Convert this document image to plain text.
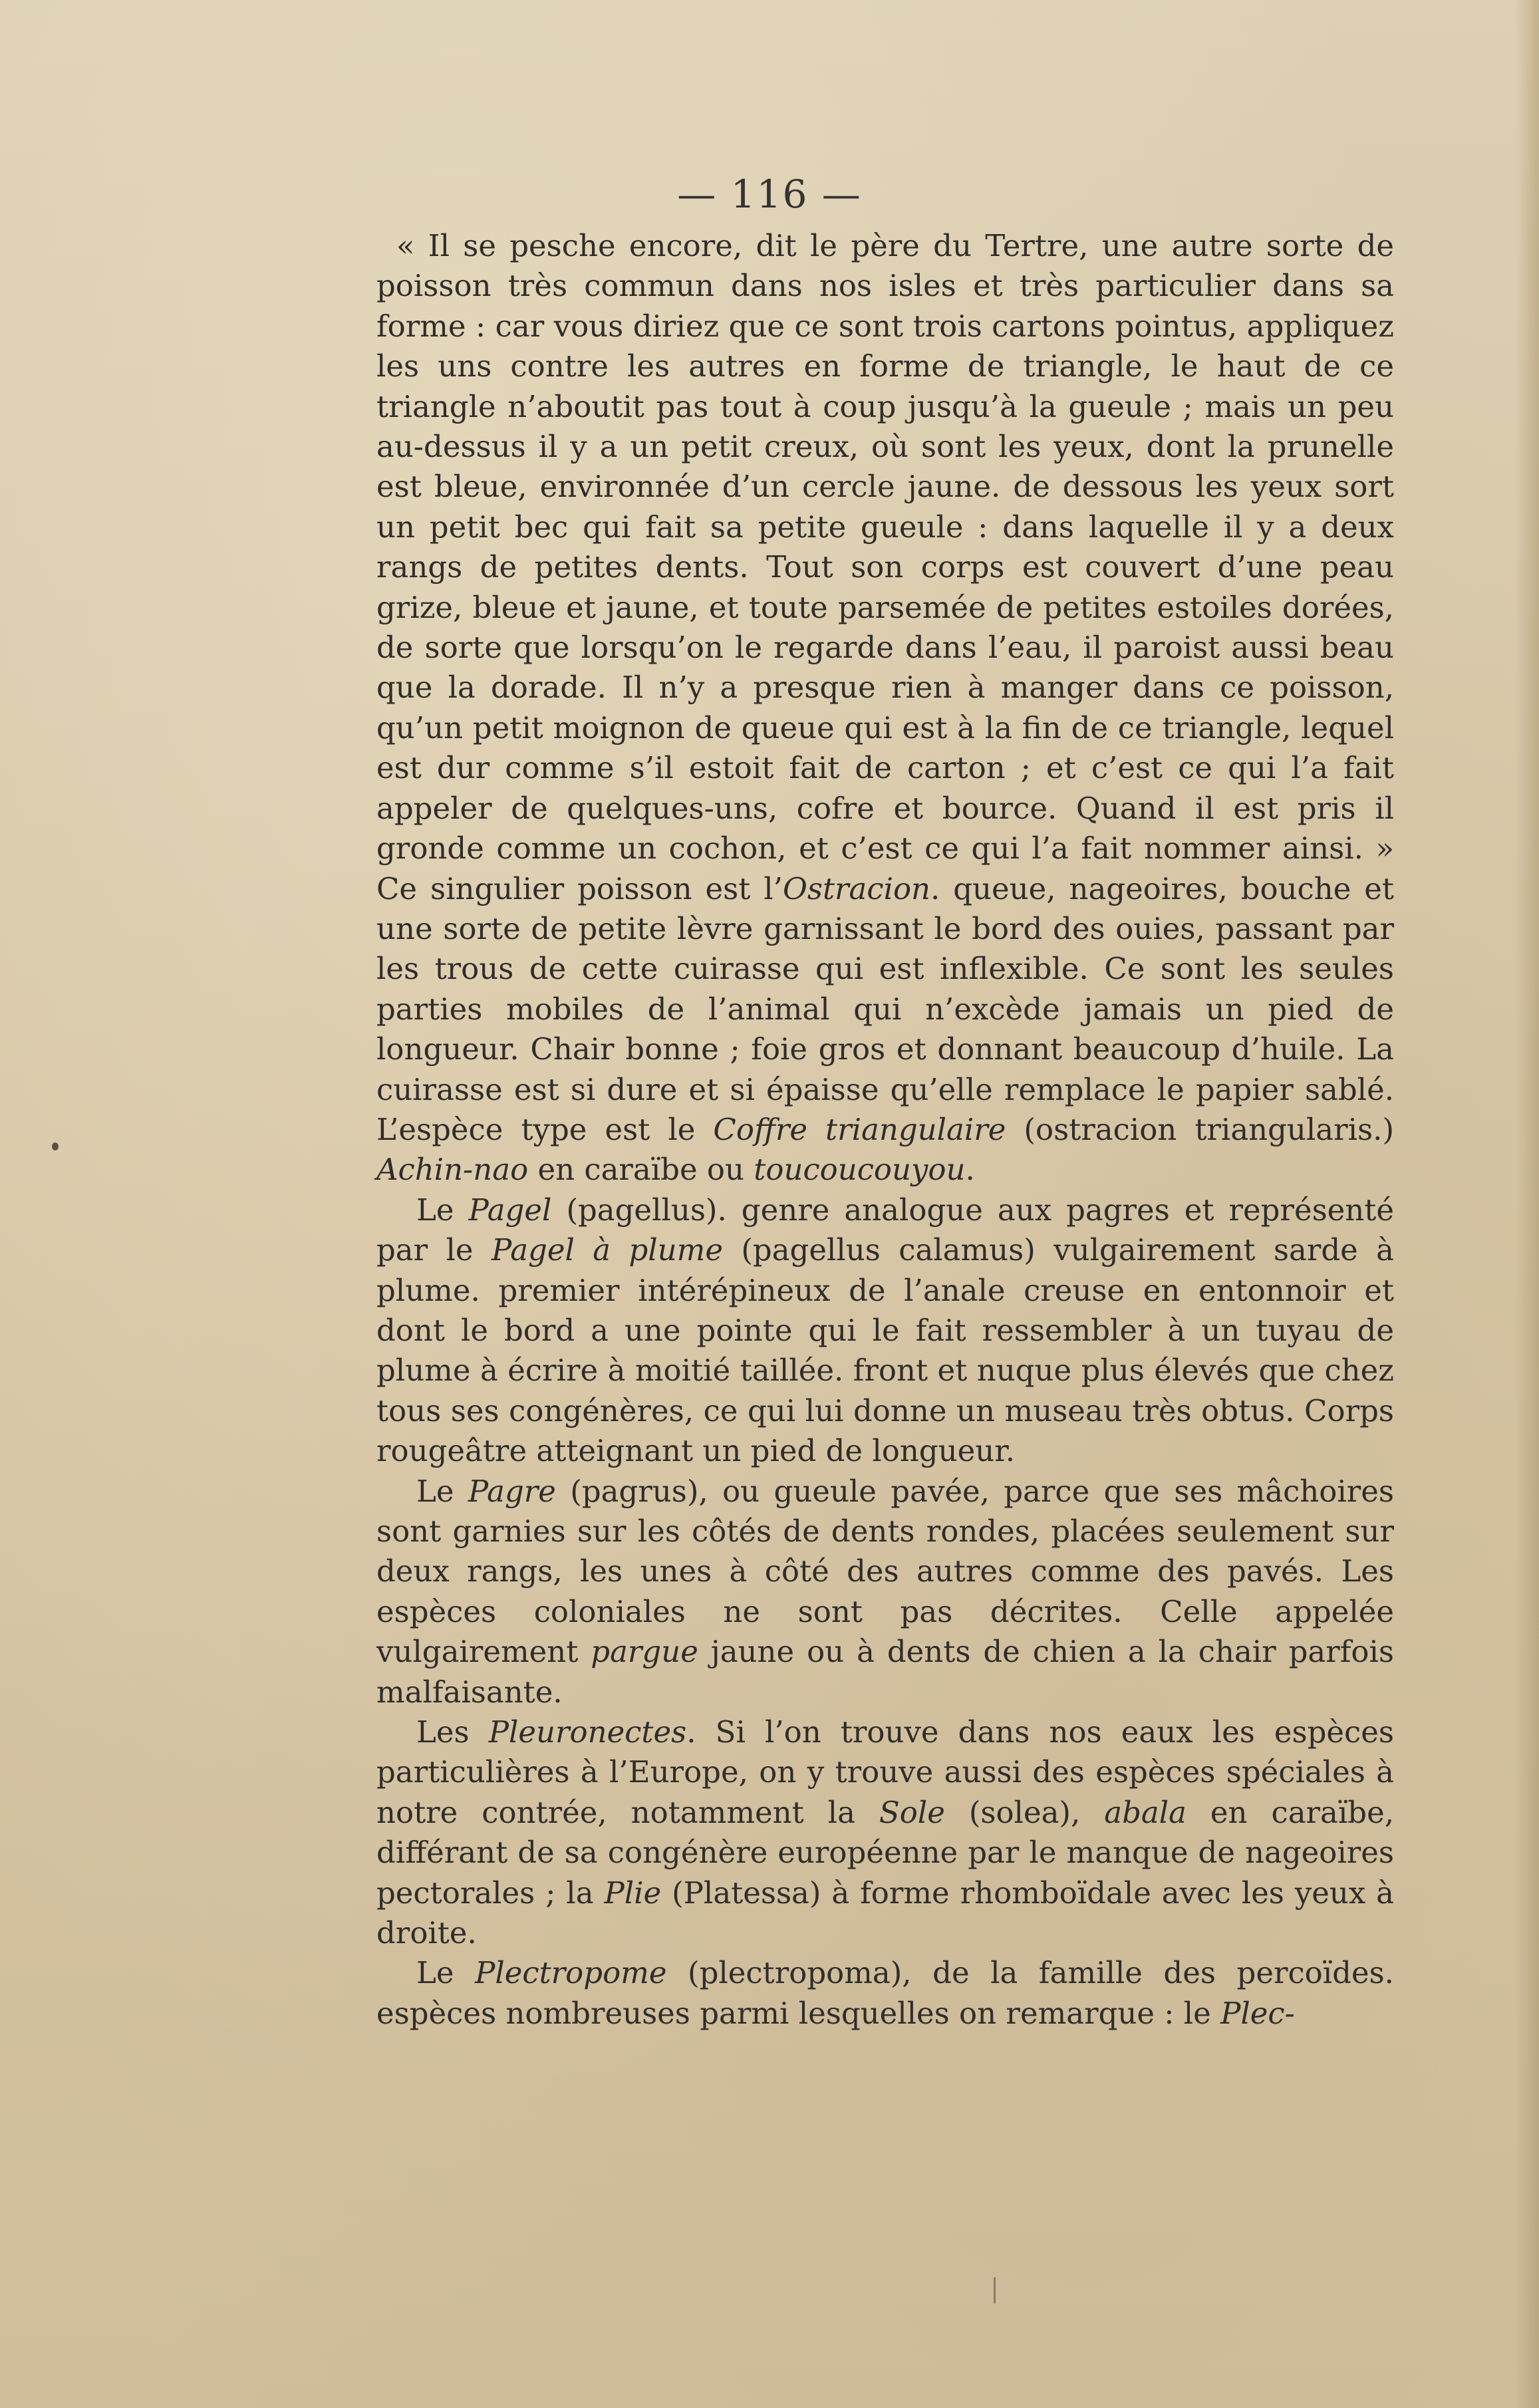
— 116 —

« Il se pesche encore, dit le père du Tertre, une autre sorte de poisson très commun dans nos isles et très particulier dans sa forme : car vous diriez que ce sont trois cartons pointus, appliquez les uns contre les autres en forme de triangle, le haut de ce triangle n’aboutit pas tout à coup jusqu’à la gueule ; mais un peu au-dessus il y a un petit creux, où sont les yeux, dont la prunelle est bleue, environnée d’un cercle jaune. de dessous les yeux sort un petit bec qui fait sa petite gueule : dans laquelle il y a deux rangs de petites dents. Tout son corps est couvert d’une peau grize, bleue et jaune, et toute parsemée de petites estoiles dorées, de sorte que lorsqu’on le regarde dans l’eau, il paroist aussi beau que la dorade. Il n’y a presque rien à manger dans ce poisson, qu’un petit moignon de queue qui est à la fin de ce triangle, lequel est dur comme s’il estoit fait de carton ; et c’est ce qui l’a fait appeler de quelques-uns, cofre et bource. Quand il est pris il gronde comme un cochon, et c’est ce qui l’a fait nommer ainsi. » Ce singulier poisson est l’Ostracion. queue, nageoires, bouche et une sorte de petite lèvre garnissant le bord des ouies, passant par les trous de cette cuirasse qui est inflexible. Ce sont les seules parties mobiles de l’animal qui n’excède jamais un pied de longueur. Chair bonne ; foie gros et donnant beaucoup d’huile. La cuirasse est si dure et si épaisse qu’elle remplace le papier sablé. L’espèce type est le Coffre triangulaire (ostracion triangularis.) Achin-nao en caraïbe ou toucoucouyou.

Le Pagel (pagellus). genre analogue aux pagres et représenté par le Pagel à plume (pagellus calamus) vulgairement sarde à plume. premier intérépineux de l’anale creuse en entonnoir et dont le bord a une pointe qui le fait ressembler à un tuyau de plume à écrire à moitié taillée. front et nuque plus élevés que chez tous ses congénères, ce qui lui donne un museau très obtus. Corps rougeâtre atteignant un pied de longueur.

Le Pagre (pagrus), ou gueule pavée, parce que ses mâchoires sont garnies sur les côtés de dents rondes, placées seulement sur deux rangs, les unes à côté des autres comme des pavés. Les espèces coloniales ne sont pas décrites. Celle appelée vulgairement pargue jaune ou à dents de chien a la chair parfois malfaisante.

Les Pleuronectes. Si l’on trouve dans nos eaux les espèces particulières à l’Europe, on y trouve aussi des espèces spéciales à notre contrée, notamment la Sole (solea), abala en caraïbe, différant de sa congénère européenne par le manque de nageoires pectorales ; la Plie (Platessa) à forme rhomboïdale avec les yeux à droite.

Le Plectropome (plectropoma), de la famille des percoïdes. espèces nombreuses parmi lesquelles on remarque : le Plec-
